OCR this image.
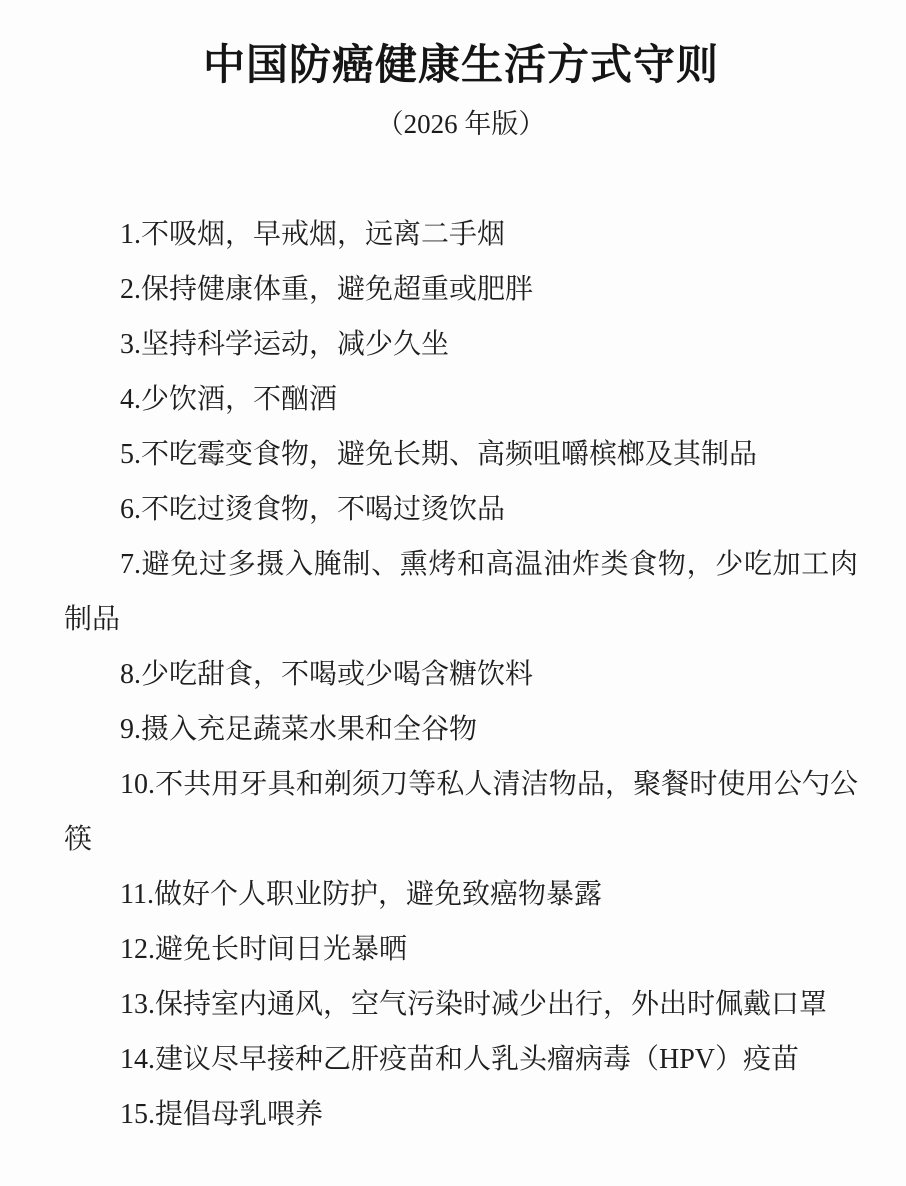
中国防癌健康生活方式守则

（2026 年版）

1.不吸烟，早戒烟，远离二手烟

2.保持健康体重，避免超重或肥胖

3.坚持科学运动，减少久坐

4.少饮酒，不酗酒

5.不吃霉变食物，避免长期、高频咀嚼槟榔及其制品

6.不吃过烫食物，不喝过烫饮品

7.避免过多摄入腌制、熏烤和高温油炸类食物，少吃加工肉制品

8.少吃甜食，不喝或少喝含糖饮料

9.摄入充足蔬菜水果和全谷物

10.不共用牙具和剃须刀等私人清洁物品，聚餐时使用公勺公筷

11.做好个人职业防护，避免致癌物暴露

12.避免长时间日光暴晒

13.保持室内通风，空气污染时减少出行，外出时佩戴口罩

14.建议尽早接种乙肝疫苗和人乳头瘤病毒（HPV）疫苗

15.提倡母乳喂养
